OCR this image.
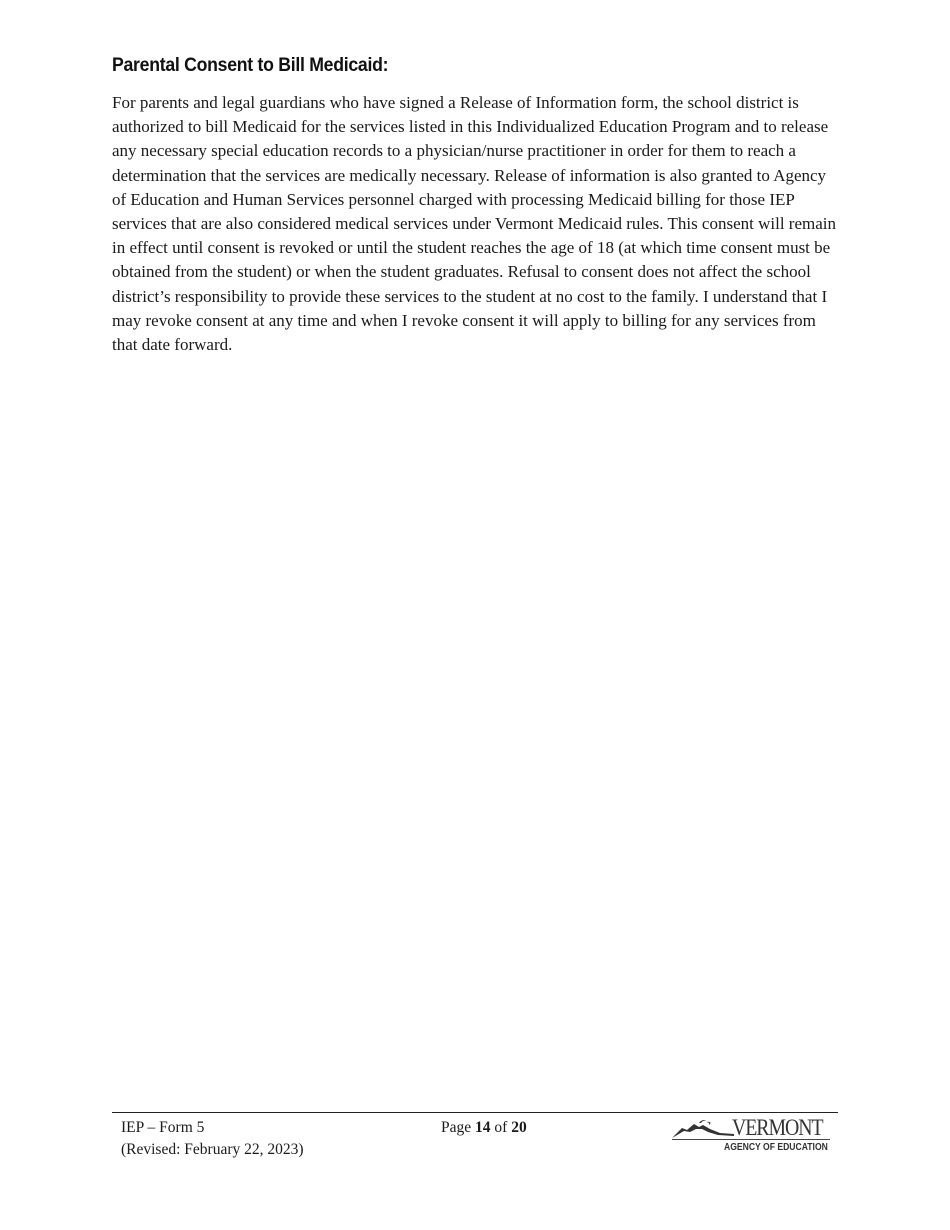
Parental Consent to Bill Medicaid:

For parents and legal guardians who have signed a Release of Information form, the school district is authorized to bill Medicaid for the services listed in this Individualized Education Program and to release any necessary special education records to a physician/nurse practitioner in order for them to reach a determination that the services are medically necessary. Release of information is also granted to Agency of Education and Human Services personnel charged with processing Medicaid billing for those IEP services that are also considered medical services under Vermont Medicaid rules. This consent will remain in effect until consent is revoked or until the student reaches the age of 18 (at which time consent must be obtained from the student) or when the student graduates. Refusal to consent does not affect the school district’s responsibility to provide these services to the student at no cost to the family. I understand that I may revoke consent at any time and when I revoke consent it will apply to billing for any services from that date forward.

IEP – Form 5
(Revised: February 22, 2023)
Page 14 of 20	VERMONT
AGENCY OF EDUCATION
